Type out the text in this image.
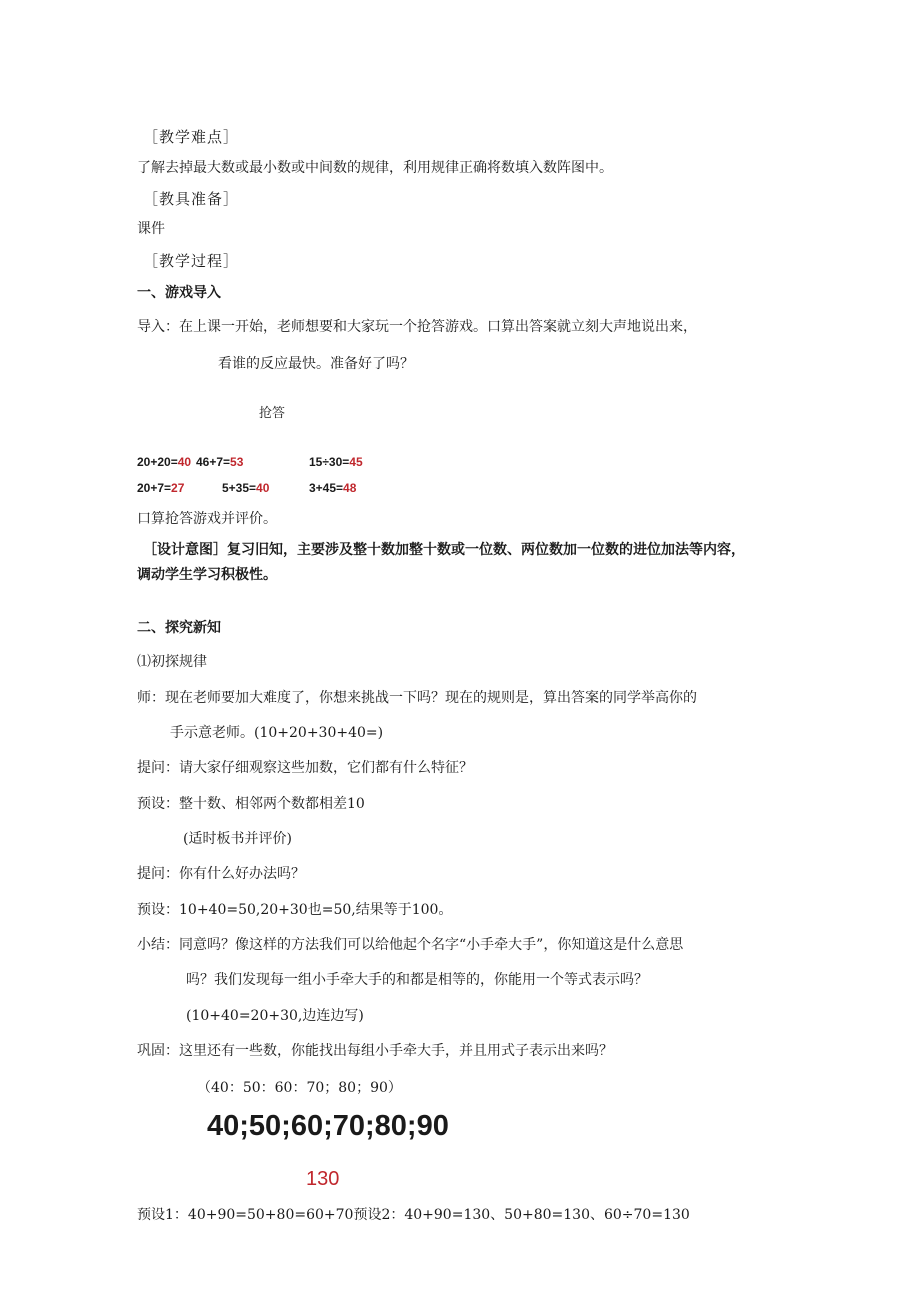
［教学难点］
了解去掉最大数或最小数或中间数的规律，利用规律正确将数填入数阵图中。
［教具准备］
课件
［教学过程］
一、游戏导入
导入：在上课一开始，老师想要和大家玩一个抢答游戏。口算出答案就立刻大声地说出来，
看谁的反应最快。准备好了吗？
抢答
20+20=40 46+7=53	15÷30=45
20+7=27	5+35=40	3+45=48
口算抢答游戏并评价。
［设计意图］复习旧知，主要涉及整十数加整十数或一位数、两位数加一位数的进位加法等内容，
调动学生学习积极性。
二、探究新知
⑴初探规律
师：现在老师要加大难度了，你想来挑战一下吗？现在的规则是，算出答案的同学举高你的
手示意老师。(10+20+30+40=)
提问：请大家仔细观察这些加数，它们都有什么特征？
预设：整十数、相邻两个数都相差10
(适时板书并评价)
提问：你有什么好办法吗？
预设：10+40=50,20+30也=50,结果等于100。
小结：同意吗？像这样的方法我们可以给他起个名字“小手牵大手”，你知道这是什么意思
吗？我们发现每一组小手牵大手的和都是相等的，你能用一个等式表示吗？
(10+40=20+30,边连边写)
巩固：这里还有一些数，你能找出每组小手牵大手，并且用式子表示出来吗？
（40：50：60：70；80；90）
40;50;60;70;80;90
130
预设1：40+90=50+80=60+70预设2：40+90=130、50+80=130、60÷70=130
